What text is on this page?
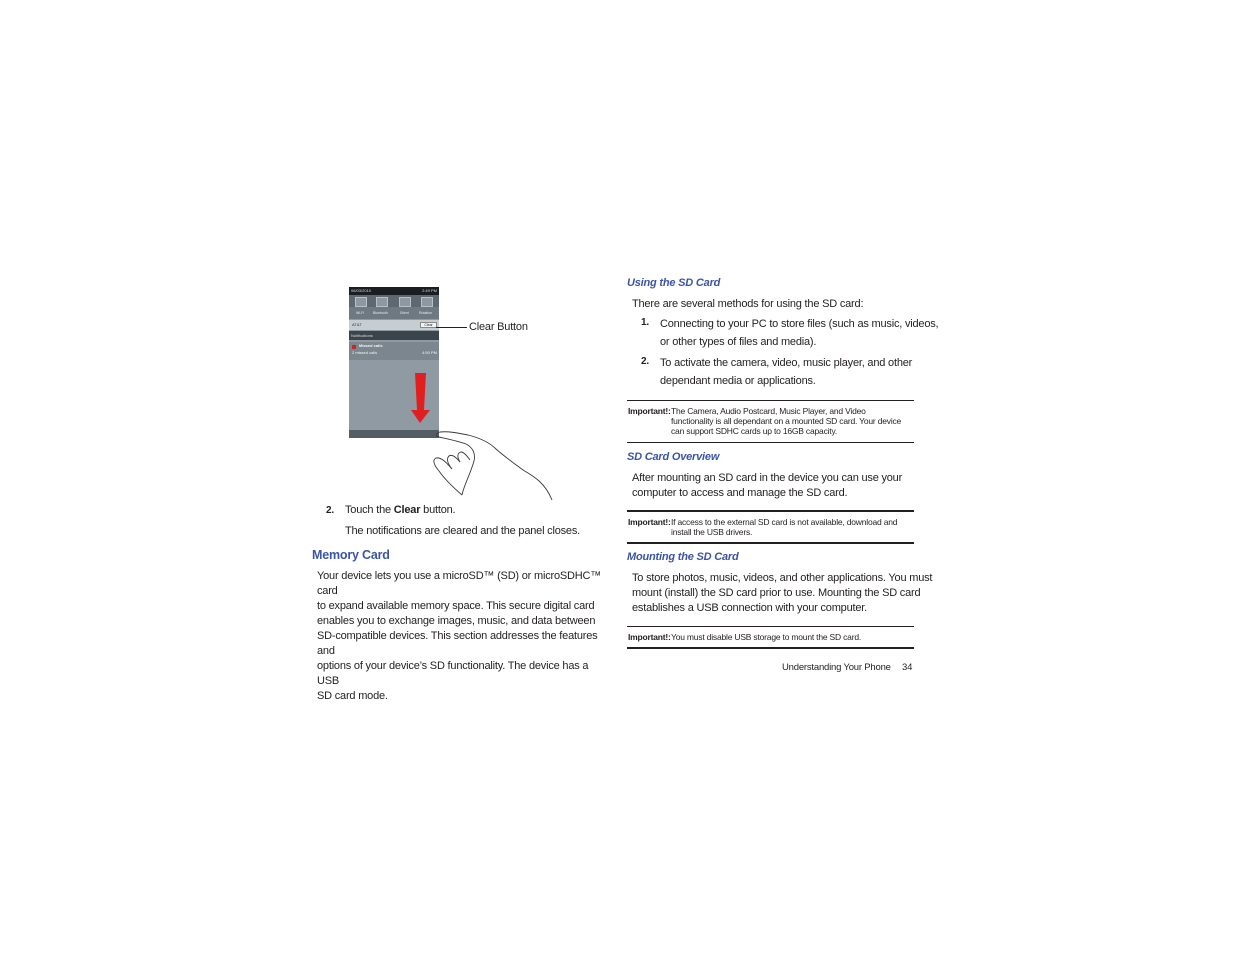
06/03/2010	2:49 PM
Wi-Fi	Bluetooth	Silent	Rotation
AT&T	Clear
Notifications
Missed calls
2 missed calls	4:50 PM
Clear Button
2. Touch the Clear button.
The notifications are cleared and the panel closes.
Memory Card
Your device lets you use a microSD™ (SD) or microSDHC™ card
to expand available memory space. This secure digital card
enables you to exchange images, music, and data between
SD-compatible devices. This section addresses the features and
options of your device’s SD functionality. The device has a USB
SD card mode.
Using the SD Card
There are several methods for using the SD card:
1. Connecting to your PC to store files (such as music, videos,
or other types of files and media).
2. To activate the camera, video, music player, and other
dependant media or applications.
Important!: The Camera, Audio Postcard, Music Player, and Video
functionality is all dependant on a mounted SD card. Your device
can support SDHC cards up to 16GB capacity.
SD Card Overview
After mounting an SD card in the device you can use your
computer to access and manage the SD card.
Important!: If access to the external SD card is not available, download and
install the USB drivers.
Mounting the SD Card
To store photos, music, videos, and other applications. You must
mount (install) the SD card prior to use. Mounting the SD card
establishes a USB connection with your computer.
Important!: You must disable USB storage to mount the SD card.
Understanding Your Phone 34
